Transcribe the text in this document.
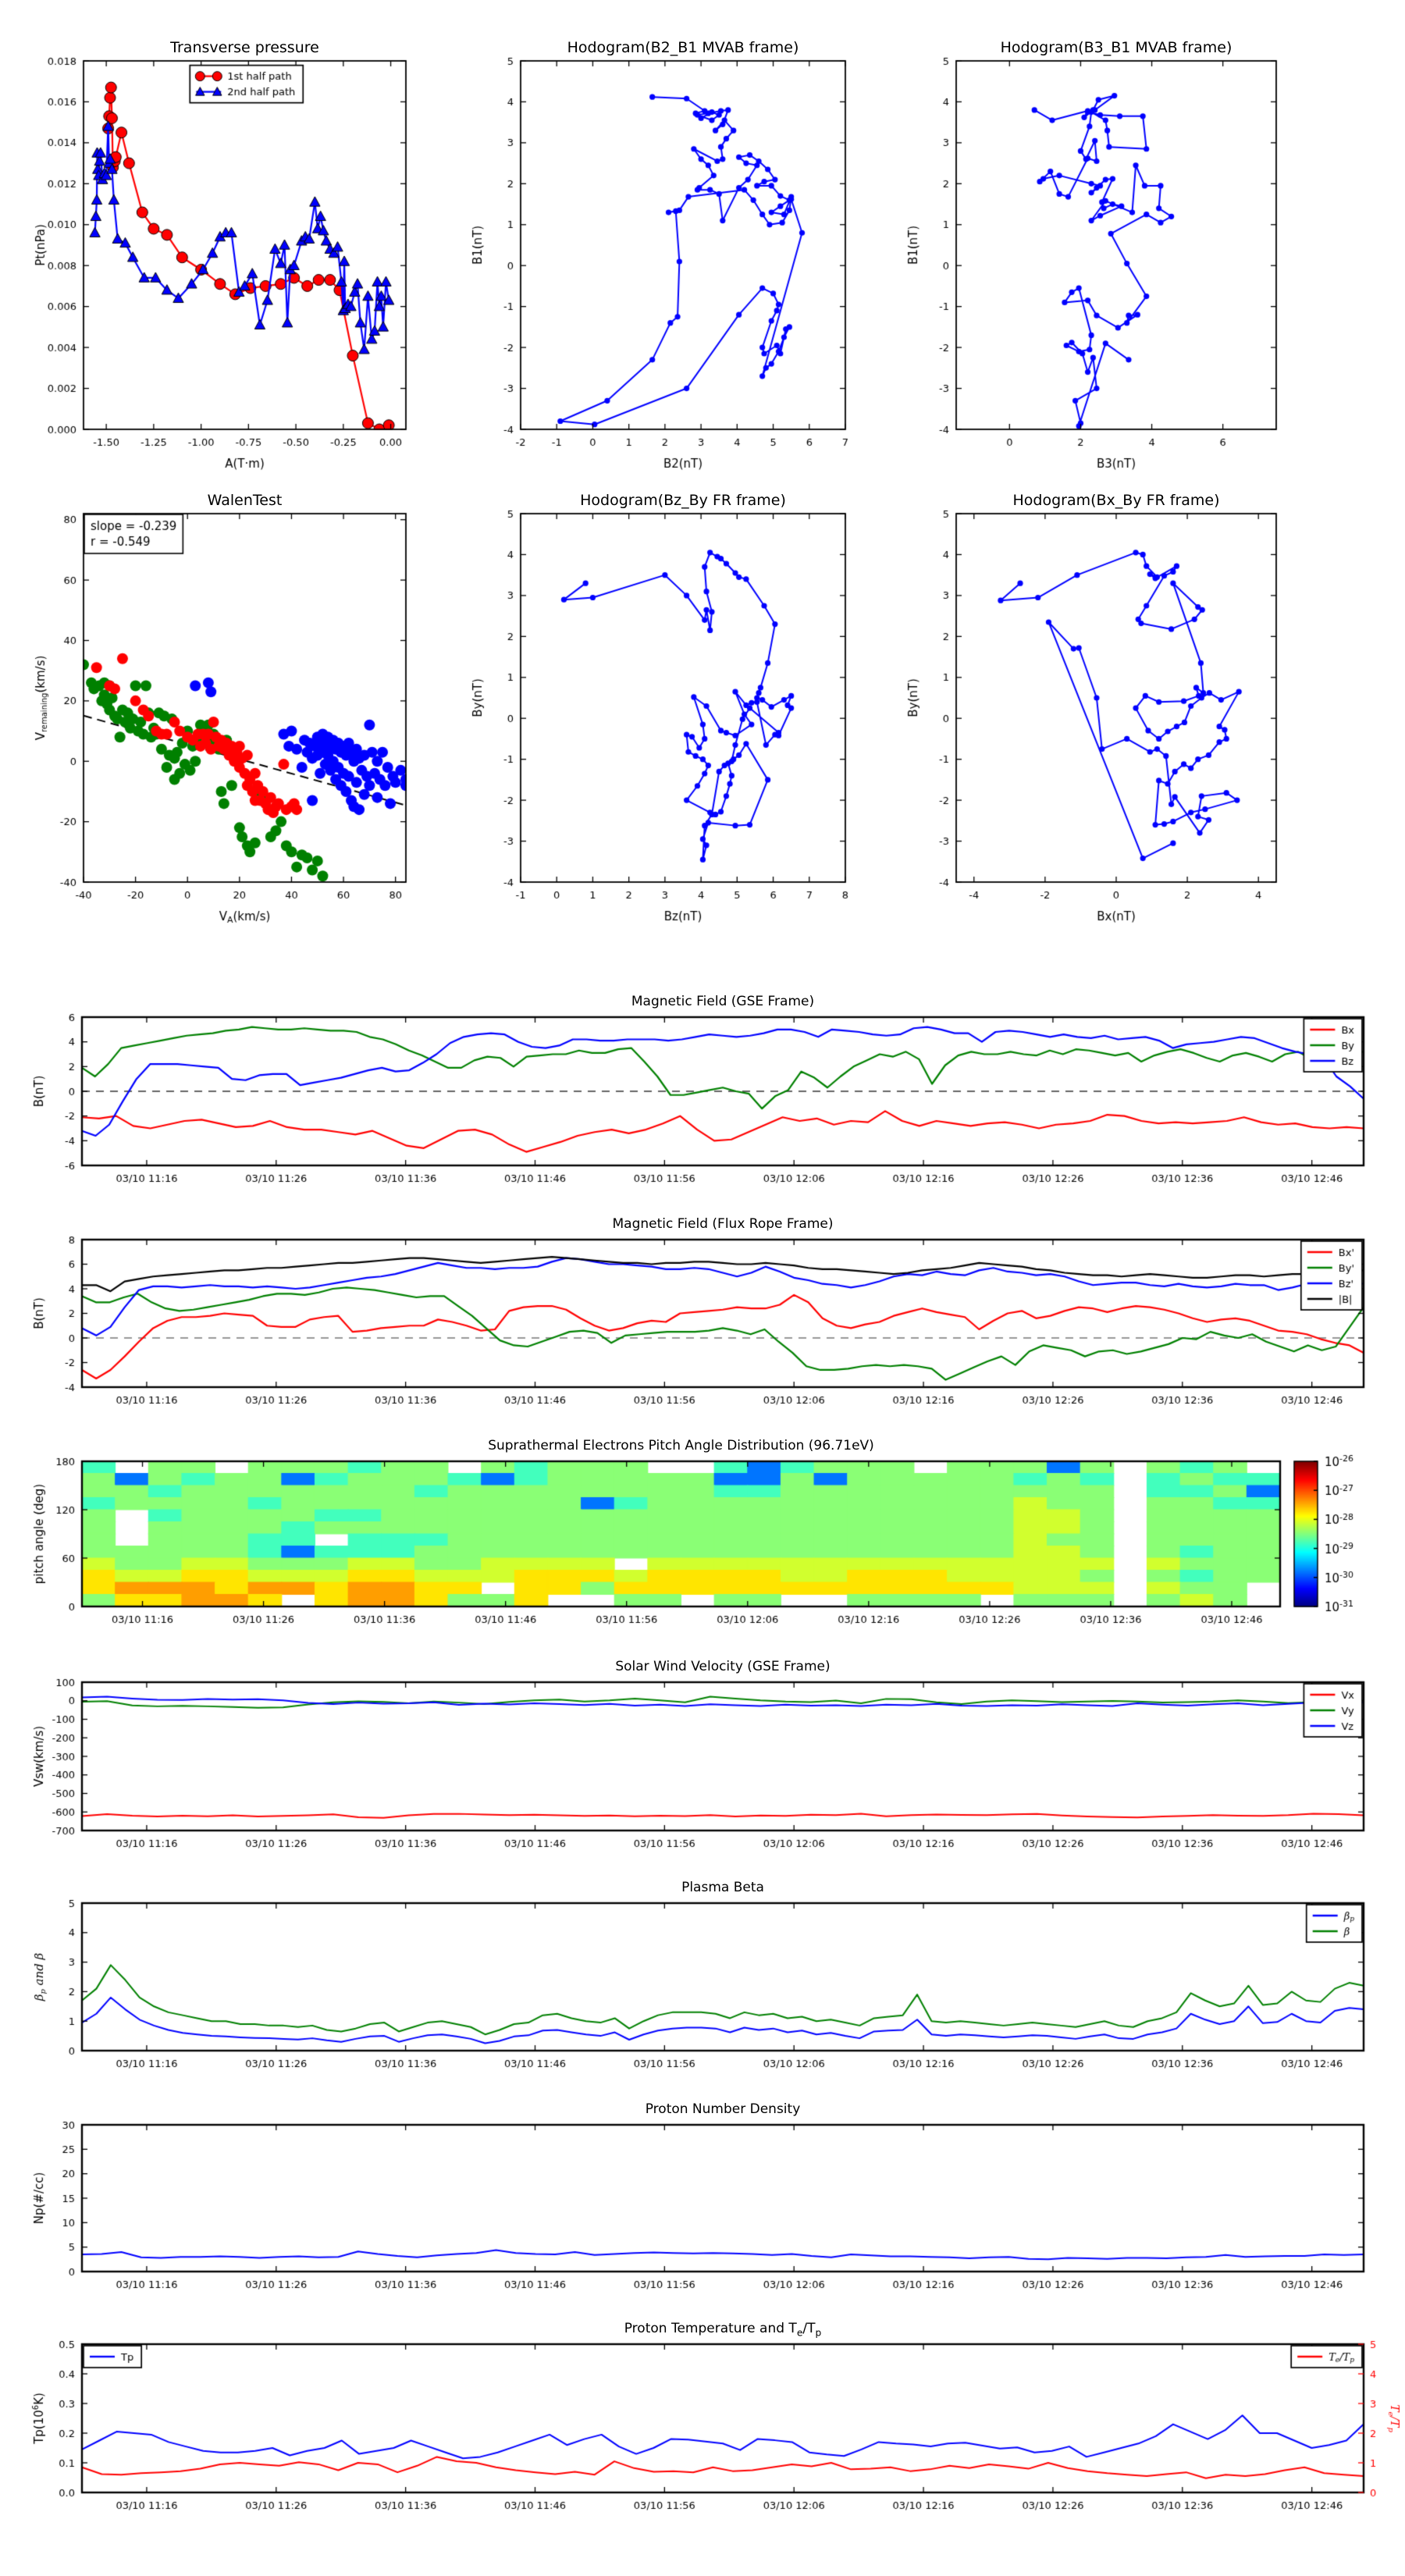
Transverse pressure	Hodogram(B2_B1 MVAB frame)	Hodogram(B3_B1 MVAB frame)
WalenTest	Hodogram(Bz_By FR frame)	Hodogram(Bx_By FR frame)
Magnetic Field (GSE Frame)
Magnetic Field (Flux Rope Frame)
Suprathermal Electrons Pitch Angle Distribution (96.71eV)
Solar Wind Velocity (GSE Frame)
Plasma Beta
Proton Number Density
Proton Temperature and $T_e/T_p$
